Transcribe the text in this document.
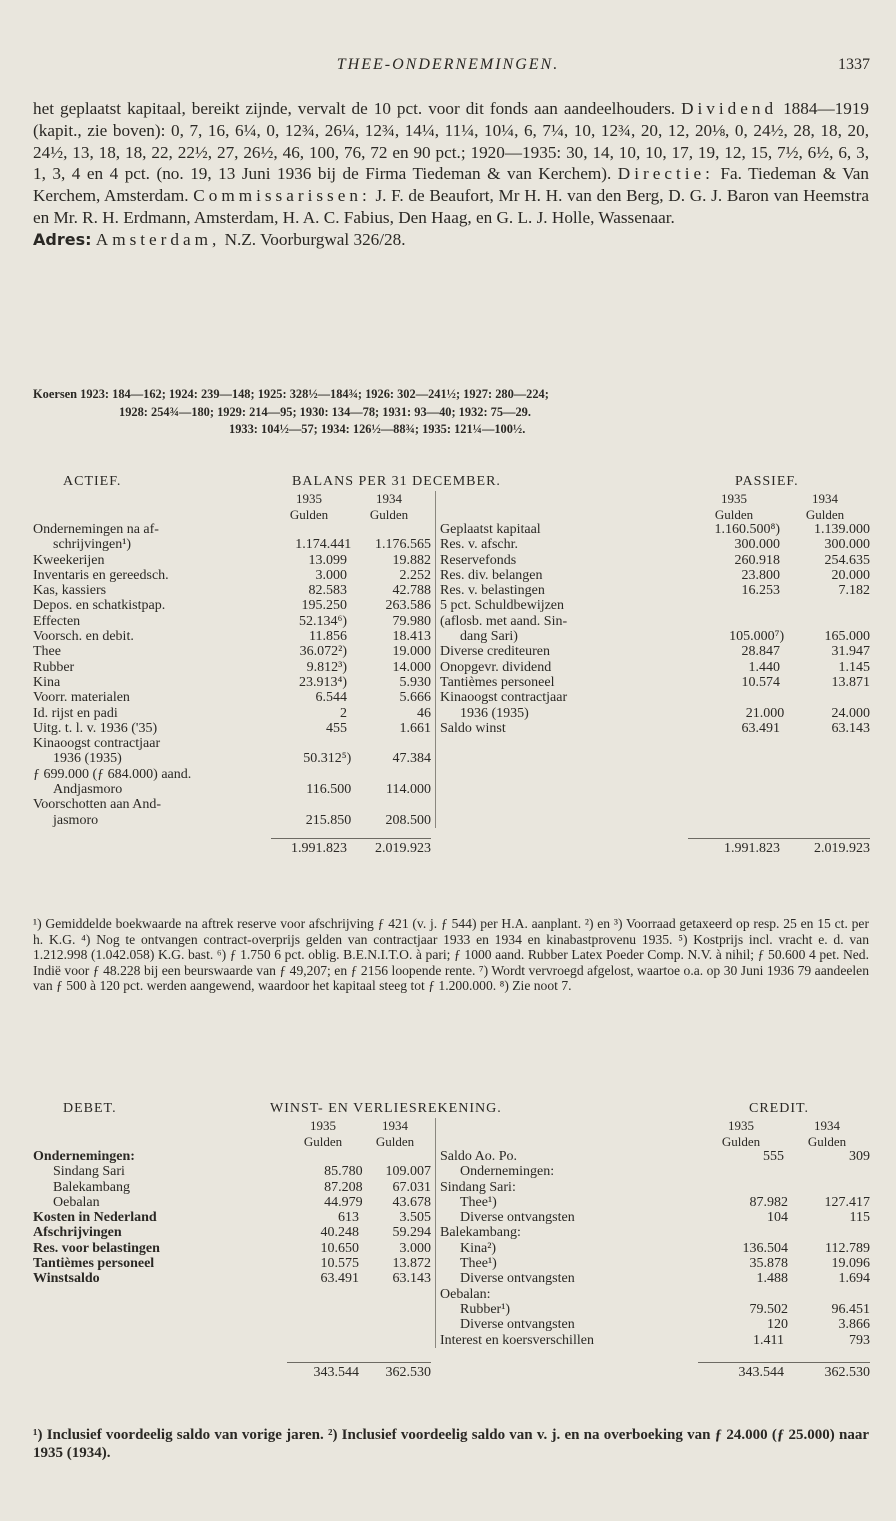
THEE-ONDERNEMINGEN.	1337

het geplaatst kapitaal, bereikt zijnde, vervalt de 10 pct. voor dit fonds aan aandeelhouders. Dividend 1884—1919 (kapit., zie boven): 0, 7, 16, 6¼, 0, 12¾, 26¼, 12¾, 14¼, 11¼, 10¼, 6, 7¼, 10, 12¾, 20, 12, 20⅛, 0, 24½, 28, 18, 20, 24½, 13, 18, 18, 22, 22½, 27, 26½, 46, 100, 76, 72 en 90 pct.; 1920—1935: 30, 14, 10, 10, 17, 19, 12, 15, 7½, 6½, 6, 3, 1, 3, 4 en 4 pct. (no. 19, 13 Juni 1936 bij de Firma Tiedeman & van Kerchem). Directie: Fa. Tiedeman & Van Kerchem, Amsterdam. Commissarissen: J. F. de Beaufort, Mr H. H. van den Berg, D. G. J. Baron van Heemstra en Mr. R. H. Erdmann, Amsterdam, H. A. C. Fabius, Den Haag, en G. L. J. Holle, Wassenaar.
Adres: Amsterdam, N.Z. Voorburgwal 326/28.

Koersen 1923: 184—162; 1924: 239—148; 1925: 328½—184¾; 1926: 302—241½; 1927: 280—224;
1928: 254¾—180; 1929: 214—95; 1930: 134—78; 1931: 93—40; 1932: 75—29.
1933: 104½—57; 1934: 126½—88¾; 1935: 121¼—100½.
ACTIEF.	BALANS PER 31 DECEMBER.	PASSIEF.
1935	1934
Gulden	Gulden
Ondernemingen na af-
schrijvingen¹)	1.174.441	1.176.565
Kweekerijen	13.099	19.882
Inventaris en gereedsch.	3.000	2.252
Kas, kassiers	82.583	42.788
Depos. en schatkistpap.	195.250	263.586
Effecten	52.134⁶)	79.980
Voorsch. en debit.	11.856	18.413
Thee	36.072²)	19.000
Rubber	9.812³)	14.000
Kina	23.913⁴)	5.930
Voorr. materialen	6.544	5.666
Id. rijst en padi	2	46
Uitg. t. l. v. 1936 ('35)	455	1.661
Kinaoogst contractjaar
1936 (1935)	50.312⁵)	47.384
ƒ 699.000 (ƒ 684.000) aand.
Andjasmoro	116.500	114.000
Voorschotten aan And-
jasmoro	215.850	208.500
1935	1934
Gulden	Gulden
Geplaatst kapitaal	1.160.500⁸)	1.139.000
Res. v. afschr.	300.000	300.000
Reservefonds	260.918	254.635
Res. div. belangen	23.800	20.000
Res. v. belastingen	16.253	7.182
5 pct. Schuldbewijzen
(aflosb. met aand. Sin-
dang Sari)	105.000⁷)	165.000
Diverse crediteuren	28.847	31.947
Onopgevr. dividend	1.440	1.145
Tantièmes personeel	10.574	13.871
Kinaoogst contractjaar
1936 (1935)	21.000	24.000
Saldo winst	63.491	63.143
1.991.823	2.019.923	1.991.823	2.019.923

¹) Gemiddelde boekwaarde na aftrek reserve voor afschrijving ƒ 421 (v. j. ƒ 544) per H.A. aanplant. ²) en ³) Voorraad getaxeerd op resp. 25 en 15 ct. per h. K.G. ⁴) Nog te ontvangen contract-overprijs gelden van contractjaar 1933 en 1934 en kinabastprovenu 1935. ⁵) Kostprijs incl. vracht e. d. van 1.212.998 (1.042.058) K.G. bast. ⁶) ƒ 1.750 6 pct. oblig. B.E.N.I.T.O. à pari; ƒ 1000 aand. Rubber Latex Poeder Comp. N.V. à nihil; ƒ 50.600 4 pet. Ned. Indië voor ƒ 48.228 bij een beurswaarde van ƒ 49,207; en ƒ 2156 loopende rente. ⁷) Wordt vervroegd afgelost, waartoe o.a. op 30 Juni 1936 79 aandeelen van ƒ 500 à 120 pct. werden aangewend, waardoor het kapitaal steeg tot ƒ 1.200.000. ⁸) Zie noot 7.

DEBET.	WINST- EN VERLIESREKENING.	CREDIT.
1935	1934
Gulden	Gulden
Ondernemingen:
Sindang Sari	85.780	109.007
Balekambang	87.208	67.031
Oebalan	44.979	43.678
Kosten in Nederland	613	3.505
Afschrijvingen	40.248	59.294
Res. voor belastingen	10.650	3.000
Tantièmes personeel	10.575	13.872
Winstsaldo	63.491	63.143
1935	1934
Gulden	Gulden
Saldo Ao. Po.	555	309
Ondernemingen:
Sindang Sari:
Thee¹)	87.982	127.417
Diverse ontvangsten	104	115
Balekambang:
Kina²)	136.504	112.789
Thee¹)	35.878	19.096
Diverse ontvangsten	1.488	1.694
Oebalan:
Rubber¹)	79.502	96.451
Diverse ontvangsten	120	3.866
Interest en koersverschillen	1.411	793
343.544	362.530	343.544	362.530

¹) Inclusief voordeelig saldo van vorige jaren. ²) Inclusief voordeelig saldo van v. j. en na overboeking van ƒ 24.000 (ƒ 25.000) naar 1935 (1934).
